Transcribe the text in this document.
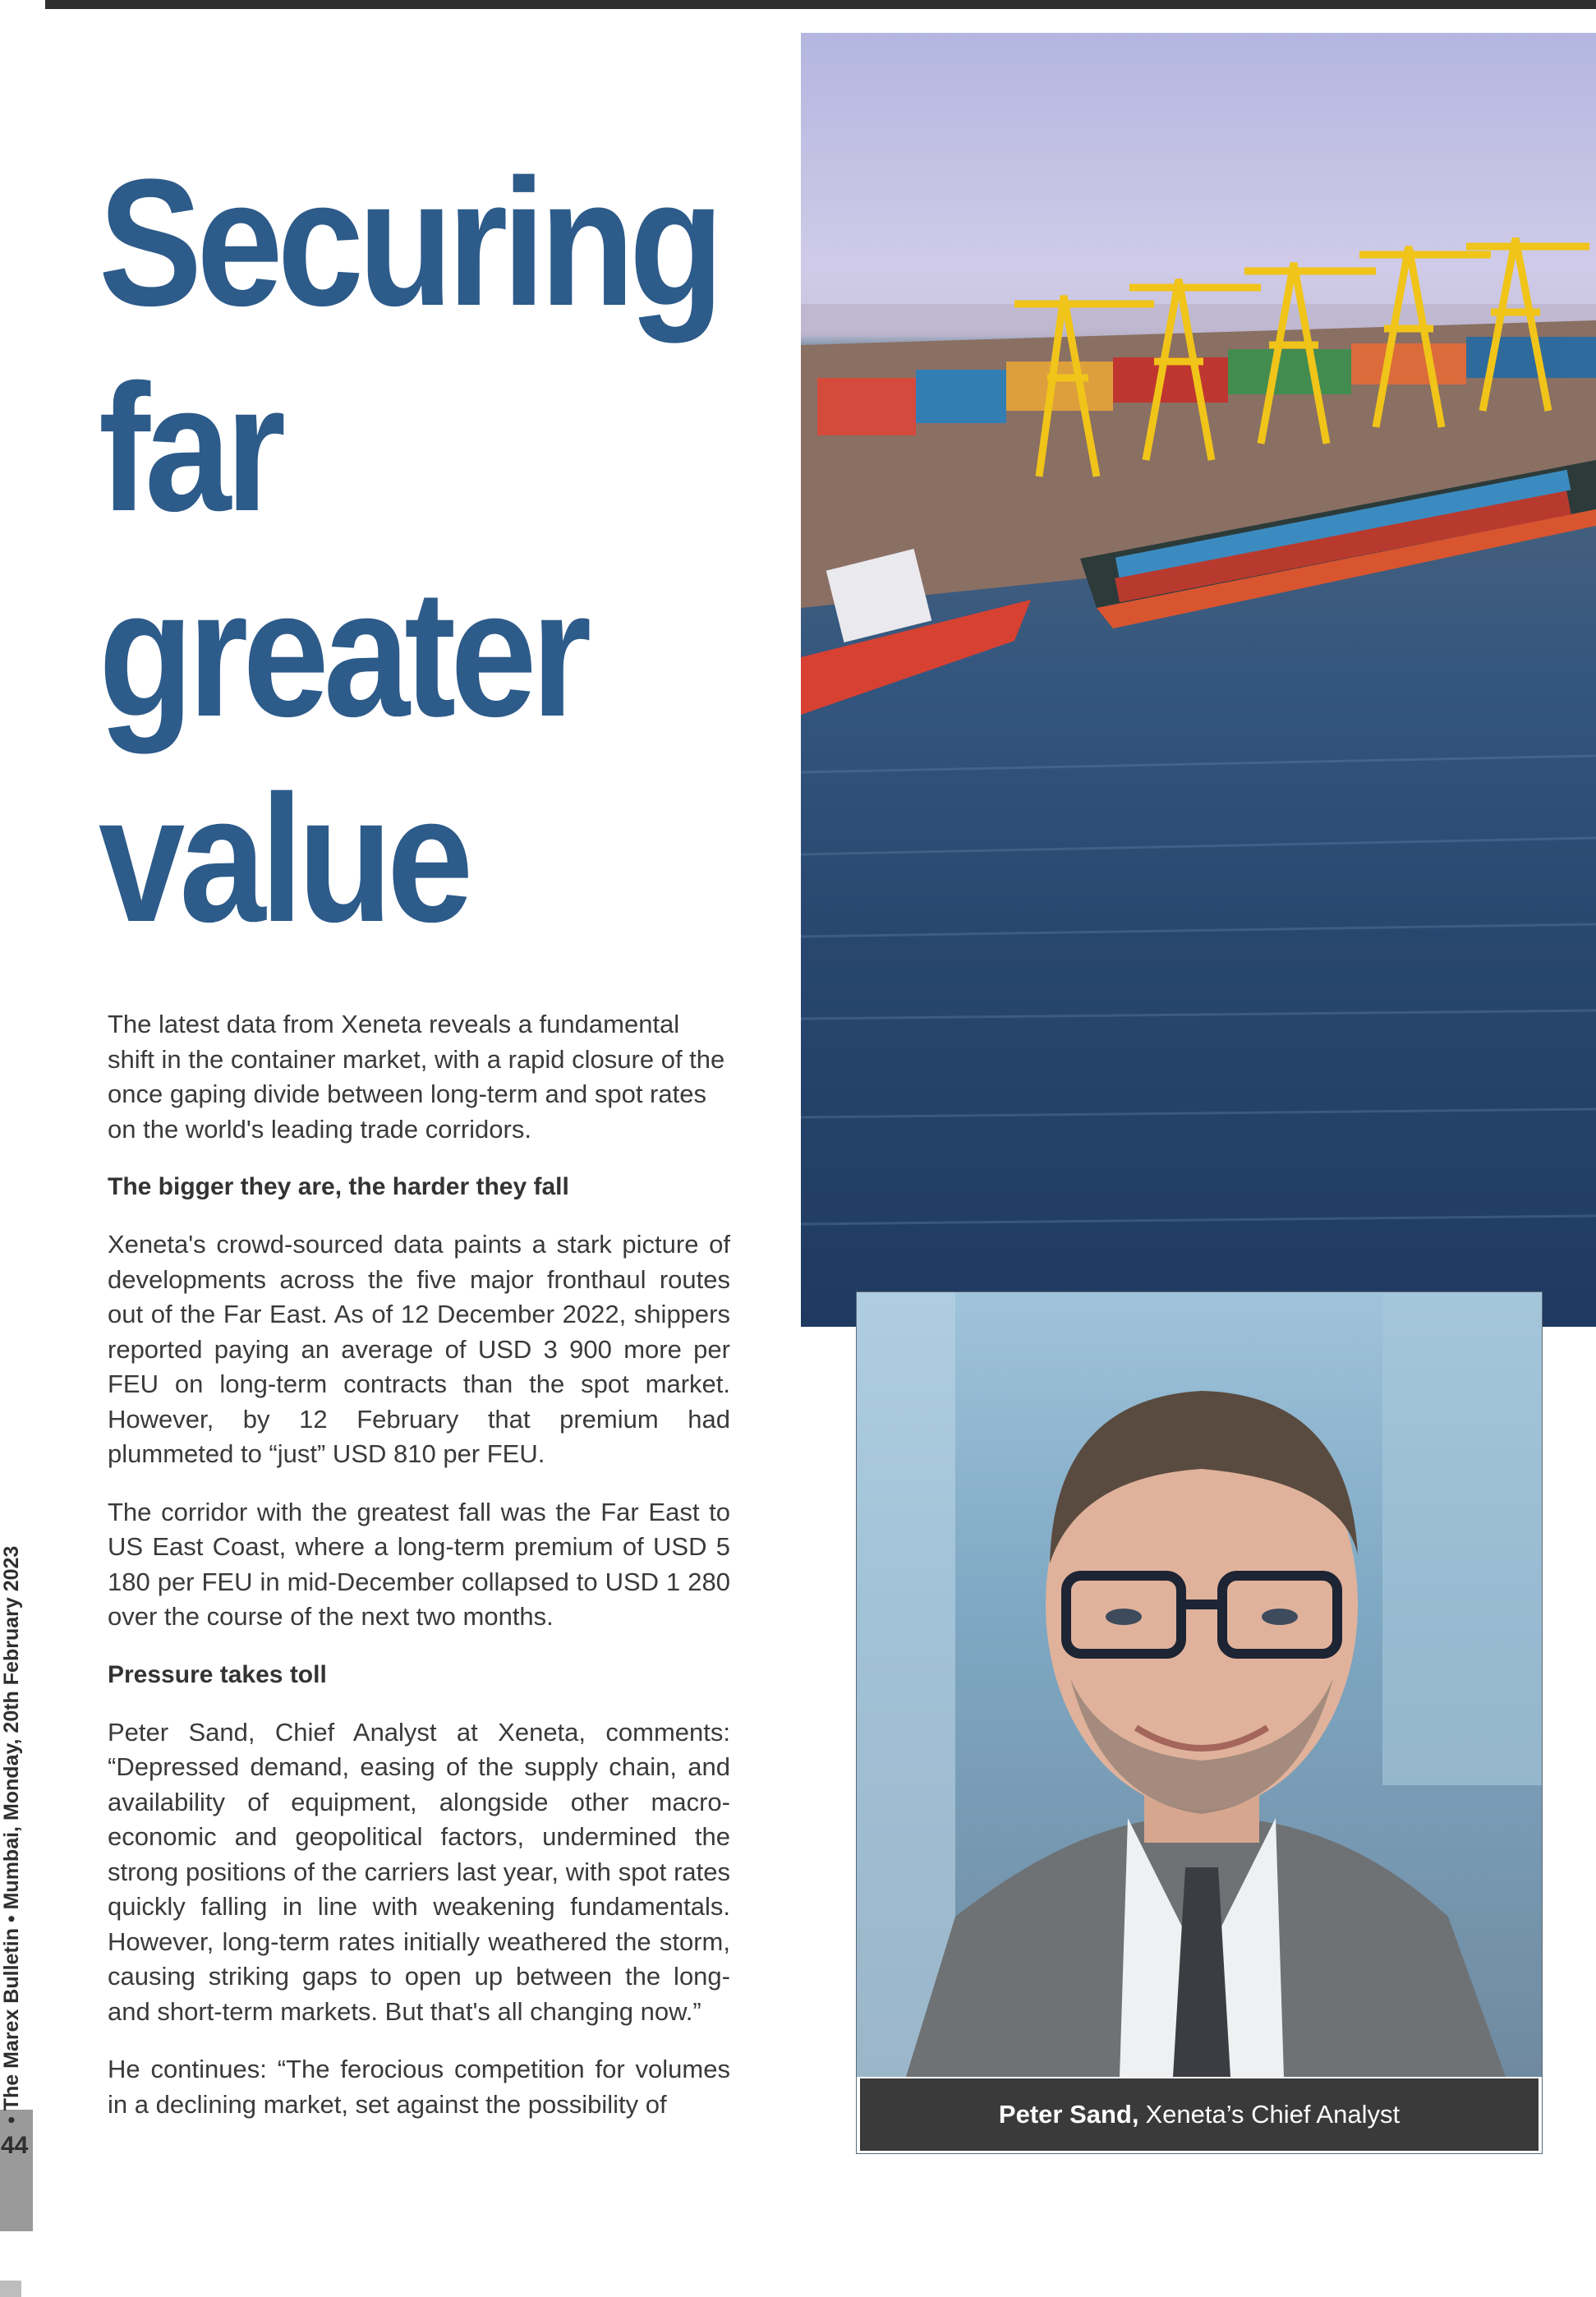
Securing
far
greater
value

The latest data from Xeneta reveals a fundamental shift in the container market, with a rapid closure of the once gaping divide between long-term and spot rates on the world's leading trade corridors.

The bigger they are, the harder they fall

Xeneta's crowd-sourced data paints a stark picture of developments across the five major fronthaul routes out of the Far East. As of 12 December 2022, shippers reported paying an average of USD 3 900 more per FEU on long-term contracts than the spot market. However, by 12 February that premium had plummeted to “just” USD 810 per FEU.

The corridor with the greatest fall was the Far East to US East Coast, where a long-term premium of USD 5 180 per FEU in mid-December collapsed to USD 1 280 over the course of the next two months.

Pressure takes toll

Peter Sand, Chief Analyst at Xeneta, comments: “Depressed demand, easing of the supply chain, and availability of equipment, alongside other macro-economic and geopolitical factors, undermined the strong positions of the carriers last year, with spot rates quickly falling in line with weakening fundamentals. However, long-term rates initially weathered the storm, causing striking gaps to open up between the long- and short-term markets. But that's all changing now.”

He continues: “The ferocious competition for volumes in a declining market, set against the possibility of	Peter Sand, Xeneta’s Chief Analyst
44
• The Marex Bulletin • Mumbai, Monday, 20th February 2023
